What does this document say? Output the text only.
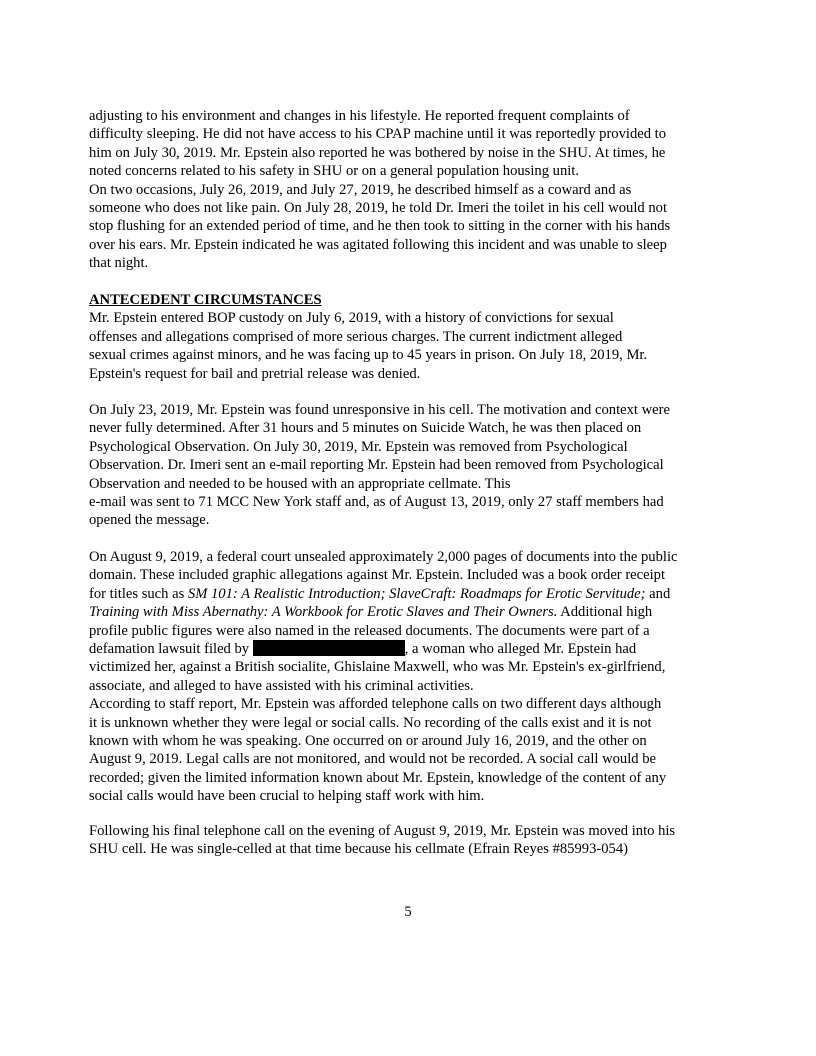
adjusting to his environment and changes in his lifestyle. He reported frequent complaints of
difficulty sleeping. He did not have access to his CPAP machine until it was reportedly provided to
him on July 30, 2019. Mr. Epstein also reported he was bothered by noise in the SHU. At times, he
noted concerns related to his safety in SHU or on a general population housing unit.
On two occasions, July 26, 2019, and July 27, 2019, he described himself as a coward and as
someone who does not like pain. On July 28, 2019, he told Dr. Imeri the toilet in his cell would not
stop flushing for an extended period of time, and he then took to sitting in the corner with his hands
over his ears. Mr. Epstein indicated he was agitated following this incident and was unable to sleep
that night.
ANTECEDENT CIRCUMSTANCES
Mr. Epstein entered BOP custody on July 6, 2019, with a history of convictions for sexual
offenses and allegations comprised of more serious charges. The current indictment alleged
sexual crimes against minors, and he was facing up to 45 years in prison. On July 18, 2019, Mr.
Epstein's request for bail and pretrial release was denied.
On July 23, 2019, Mr. Epstein was found unresponsive in his cell. The motivation and context were
never fully determined. After 31 hours and 5 minutes on Suicide Watch, he was then placed on
Psychological Observation. On July 30, 2019, Mr. Epstein was removed from Psychological
Observation. Dr. Imeri sent an e-mail reporting Mr. Epstein had been removed from Psychological
Observation and needed to be housed with an appropriate cellmate. This
e-mail was sent to 71 MCC New York staff and, as of August 13, 2019, only 27 staff members had
opened the message.
On August 9, 2019, a federal court unsealed approximately 2,000 pages of documents into the public
domain. These included graphic allegations against Mr. Epstein. Included was a book order receipt
for titles such as SM 101: A Realistic Introduction; SlaveCraft: Roadmaps for Erotic Servitude; and
Training with Miss Abernathy: A Workbook for Erotic Slaves and Their Owners. Additional high
profile public figures were also named in the released documents. The documents were part of a
defamation lawsuit filed by	, a woman who alleged Mr. Epstein had
victimized her, against a British socialite, Ghislaine Maxwell, who was Mr. Epstein's ex-girlfriend,
associate, and alleged to have assisted with his criminal activities.
According to staff report, Mr. Epstein was afforded telephone calls on two different days although
it is unknown whether they were legal or social calls. No recording of the calls exist and it is not
known with whom he was speaking. One occurred on or around July 16, 2019, and the other on
August 9, 2019. Legal calls are not monitored, and would not be recorded. A social call would be
recorded; given the limited information known about Mr. Epstein, knowledge of the content of any
social calls would have been crucial to helping staff work with him.
Following his final telephone call on the evening of August 9, 2019, Mr. Epstein was moved into his
SHU cell. He was single-celled at that time because his cellmate (Efrain Reyes #85993-054)
5
